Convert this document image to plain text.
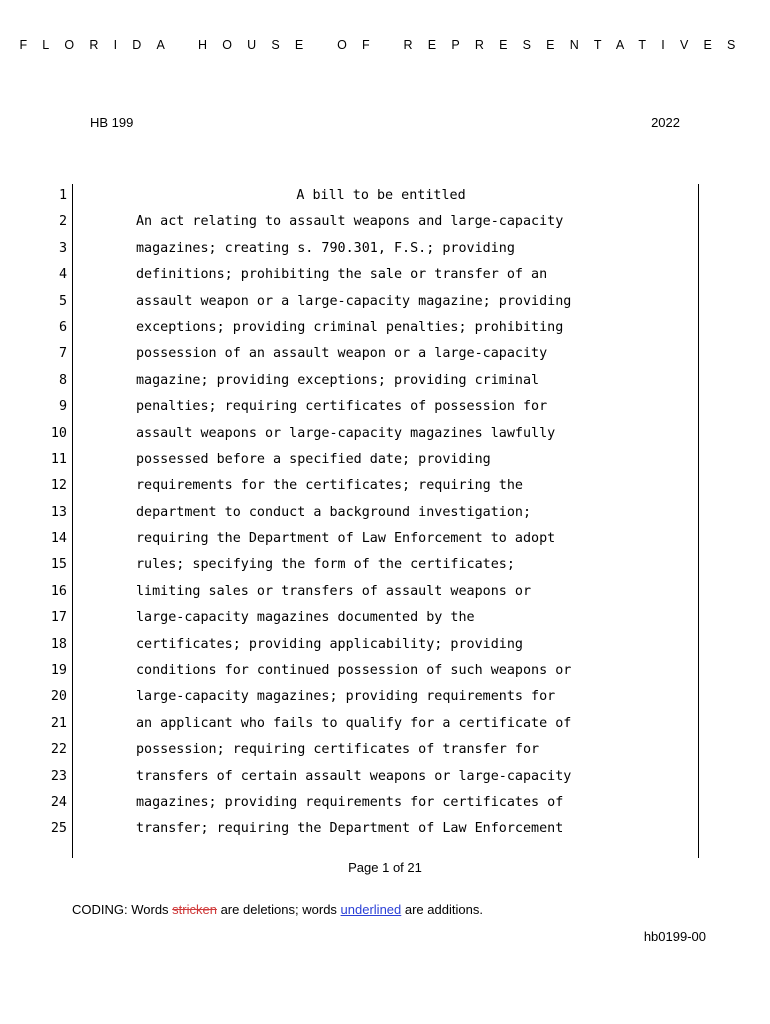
FLORIDA HOUSE OF REPRESENTATIVES
HB 199	2022
1	A bill to be entitled
2	An act relating to assault weapons and large-capacity
3	magazines; creating s. 790.301, F.S.; providing
4	definitions; prohibiting the sale or transfer of an
5	assault weapon or a large-capacity magazine; providing
6	exceptions; providing criminal penalties; prohibiting
7	possession of an assault weapon or a large-capacity
8	magazine; providing exceptions; providing criminal
9	penalties; requiring certificates of possession for
10	assault weapons or large-capacity magazines lawfully
11	possessed before a specified date; providing
12	requirements for the certificates; requiring the
13	department to conduct a background investigation;
14	requiring the Department of Law Enforcement to adopt
15	rules; specifying the form of the certificates;
16	limiting sales or transfers of assault weapons or
17	large-capacity magazines documented by the
18	certificates; providing applicability; providing
19	conditions for continued possession of such weapons or
20	large-capacity magazines; providing requirements for
21	an applicant who fails to qualify for a certificate of
22	possession; requiring certificates of transfer for
23	transfers of certain assault weapons or large-capacity
24	magazines; providing requirements for certificates of
25	transfer; requiring the Department of Law Enforcement
Page 1 of 21
CODING: Words stricken are deletions; words underlined are additions.
hb0199-00
